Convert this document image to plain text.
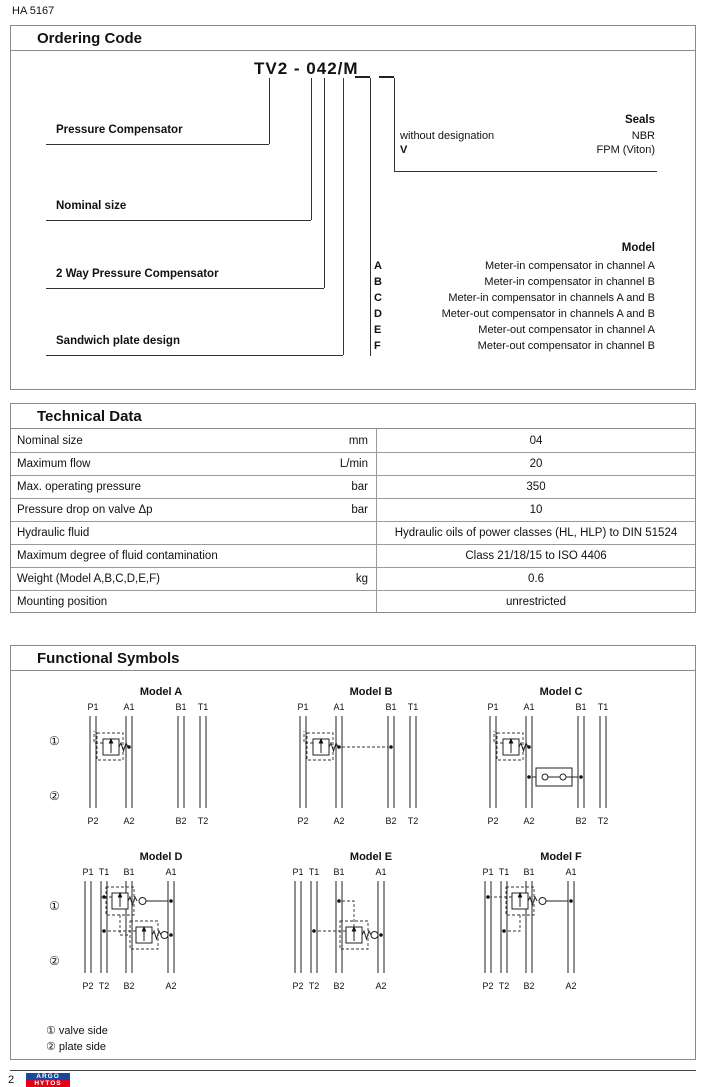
HA 5167
Ordering Code
TV2 - 042/M
Pressure Compensator
Nominal size
2 Way Pressure Compensator
Sandwich plate design
Seals
without designation	NBR
V	FPM (Viton)
Model
A	Meter-in compensator in channel A
B	Meter-in compensator in channel B
C	Meter-in compensator in channels A and B
D	Meter-out compensator in channels A and B
E	Meter-out compensator in channel A
F	Meter-out compensator in channel B
Technical Data
Nominal size	mm	04
Maximum flow	L/min	20
Max. operating pressure	bar	350
Pressure drop on valve Δp	bar	10
Hydraulic fluid	Hydraulic oils of power classes (HL, HLP) to DIN 51524
Maximum degree of fluid contamination	Class 21/18/15 to ISO 4406
Weight (Model A,B,C,D,E,F)	kg	0.6
Mounting position	unrestricted
Functional Symbols
①
②
Model A
P1	A1	B1 T1
P2	A2	B2 T2
Model B
P1	A1	B1 T1
P2	A2	B2 T2
Model C
P1	A1	B1 T1
P2	A2	B2 T2
①
②
Model D
P1 T1 B1	A1
P2 T2 B2	A2
Model E
P1 T1 B1	A1
P2 T2 B2	A2
Model F
P1 T1 B1	A1
P2 T2 B2	A2
① valve side
② plate side
2	ARGO
HYTOS
